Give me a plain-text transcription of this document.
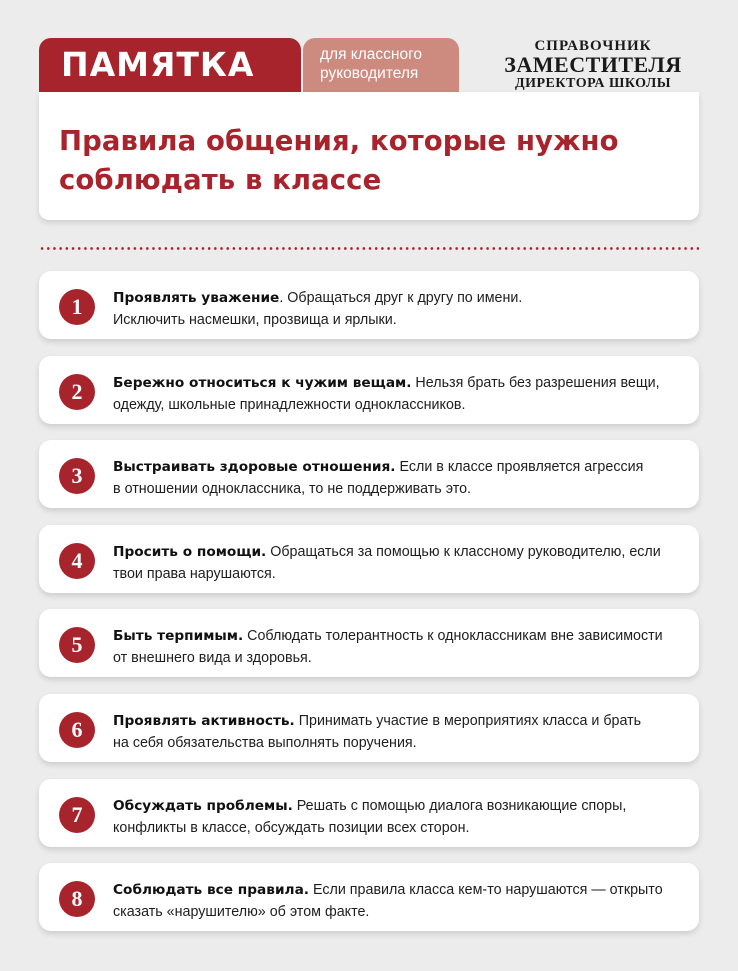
ПАМЯТКА	для классного
руководителя
СПРАВОЧНИК
ЗАМЕСТИТЕЛЯ
ДИРЕКТОРА ШКОЛЫ
Правила общения, которые нужно
соблюдать в классе
1	Проявлять уважение. Обращаться друг к другу по имени.
Исключить насмешки, прозвища и ярлыки.
2	Бережно относиться к чужим вещам. Нельзя брать без разрешения вещи,
одежду, школьные принадлежности одноклассников.
3	Выстраивать здоровые отношения. Если в классе проявляется агрессия
в отношении одноклассника, то не поддерживать это.
4	Просить о помощи. Обращаться за помощью к классному руководителю, если
твои права нарушаются.
5	Быть терпимым. Соблюдать толерантность к одноклассникам вне зависимости
от внешнего вида и здоровья.
6	Проявлять активность. Принимать участие в мероприятиях класса и брать
на себя обязательства выполнять поручения.
7	Обсуждать проблемы. Решать с помощью диалога возникающие споры,
конфликты в классе, обсуждать позиции всех сторон.
8	Соблюдать все правила. Если правила класса кем-то нарушаются — открыто
сказать «нарушителю» об этом факте.
